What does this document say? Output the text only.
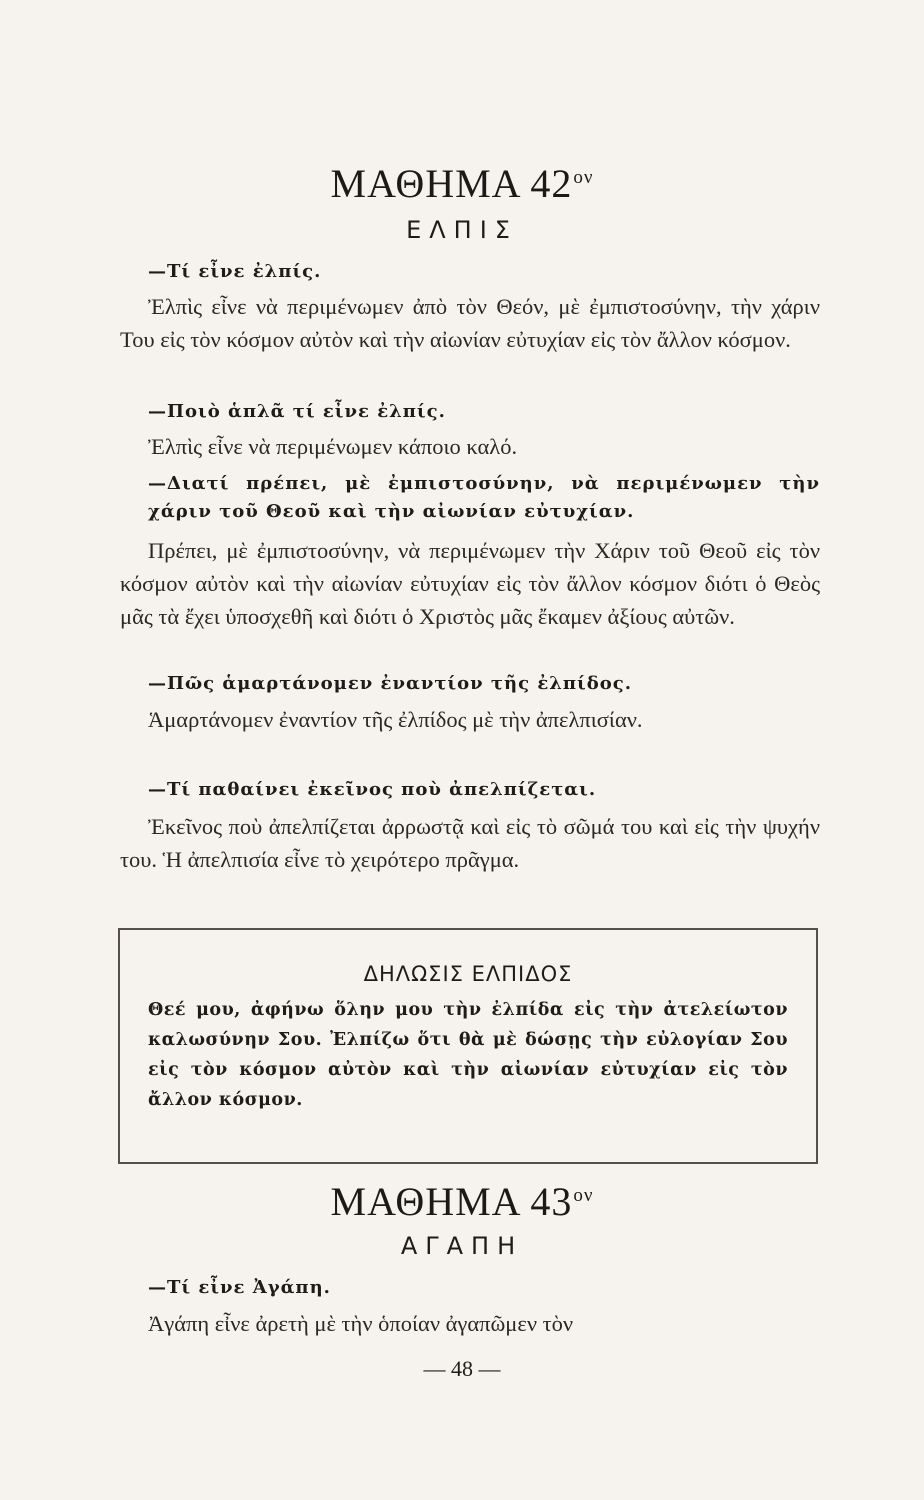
ΜΑΘΗΜΑ $42^{o\nu}$
ΕΛΠΙΣ
—Τί εἶνε ἐλπίς.
Ἐλπὶς εἶνε νὰ περιμένωμεν ἀπὸ τὸν Θεόν, μὲ ἐμπιστοσύνην, τὴν χάριν Του εἰς τὸν κόσμον αὐτὸν καὶ τὴν αἰωνίαν εὐτυχίαν εἰς τὸν ἄλλον κόσμον.
—Ποιὸ ἁπλᾶ τί εἶνε ἐλπίς.
Ἐλπὶς εἶνε νὰ περιμένωμεν κάποιο καλό.
—Διατί πρέπει, μὲ ἐμπιστοσύνην, νὰ περιμένωμεν τὴν χάριν τοῦ Θεοῦ καὶ τὴν αἰωνίαν εὐτυχίαν.
Πρέπει, μὲ ἐμπιστοσύνην, νὰ περιμένωμεν τὴν Χάριν τοῦ Θεοῦ εἰς τὸν κόσμον αὐτὸν καὶ τὴν αἰωνίαν εὐτυχίαν εἰς τὸν ἄλλον κόσμον διότι ὁ Θεὸς μᾶς τὰ ἔχει ὑποσχεθῆ καὶ διότι ὁ Χριστὸς μᾶς ἔκαμεν ἀξίους αὐτῶν.
—Πῶς ἁμαρτάνομεν ἐναντίον τῆς ἐλπίδος.
Ἁμαρτάνομεν ἐναντίον τῆς ἐλπίδος μὲ τὴν ἀπελπισίαν.
—Τί παθαίνει ἐκεῖνος ποὺ ἀπελπίζεται.
Ἐκεῖνος ποὺ ἀπελπίζεται ἀρρωστᾷ καὶ εἰς τὸ σῶμά του καὶ εἰς τὴν ψυχήν του. Ἡ ἀπελπισία εἶνε τὸ χειρότερο πρᾶγμα.
ΔΗΛΩΣΙΣ ΕΛΠΙΔΟΣ
Θεέ μου, ἀφήνω ὅλην μου τὴν ἐλπίδα εἰς τὴν ἀτελείωτον καλωσύνην Σου. Ἐλπίζω ὅτι θὰ μὲ δώσῃς τὴν εὐλογίαν Σου εἰς τὸν κόσμον αὐτὸν καὶ τὴν αἰωνίαν εὐτυχίαν εἰς τὸν ἄλλον κόσμον.
ΜΑΘΗΜΑ $43^{o\nu}$
ΑΓΑΠΗ
—Τί εἶνε Ἀγάπη.
Ἀγάπη εἶνε ἀρετὴ μὲ τὴν ὁποίαν ἀγαπῶμεν τὸν
— 48 —
